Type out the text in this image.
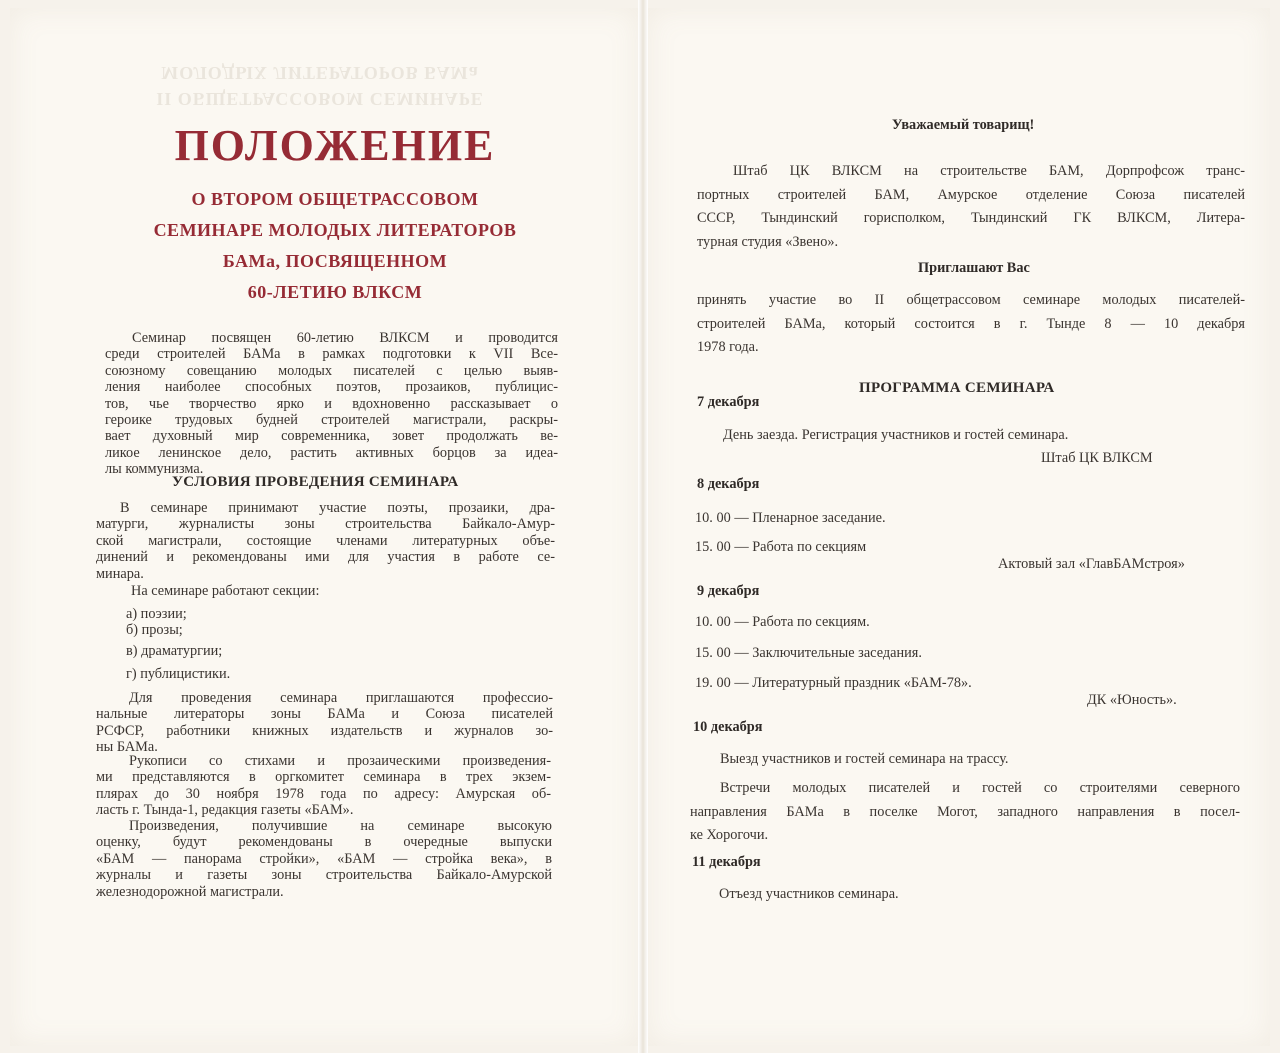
II ОБЩЕТРАССОВОМ СЕМИНАРЕ
МОЛОДЫХ ЛИТЕРАТОРОВ БАМа
ПОЛОЖЕНИЕ
О ВТОРОМ ОБЩЕТРАССОВОМ
СЕМИНАРЕ МОЛОДЫХ ЛИТЕРАТОРОВ
БАМа, ПОСВЯЩЕННОМ
60-ЛЕТИЮ ВЛКСМ
Семинар посвящен 60-летию ВЛКСМ и проводится
среди строителей БАМа в рамках подготовки к VII Все-
союзному совещанию молодых писателей с целью выяв-
ления наиболее способных поэтов, прозаиков, публицис-
тов, чье творчество ярко и вдохновенно рассказывает о
героике трудовых будней строителей магистрали, раскры-
вает духовный мир современника, зовет продолжать ве-
ликое ленинское дело, растить активных борцов за идеа-
лы коммунизма.
УСЛОВИЯ ПРОВЕДЕНИЯ СЕМИНАРА
В семинаре принимают участие поэты, прозаики, дра-
матурги, журналисты зоны строительства Байкало-Амур-
ской магистрали, состоящие членами литературных объе-
динений и рекомендованы ими для участия в работе се-
минара.
На семинаре работают секции:
а) поэзии;
б) прозы;
в) драматургии;
г) публицистики.
Для проведения семинара приглашаются профессио-
нальные литераторы зоны БАМа и Союза писателей
РСФСР, работники книжных издательств и журналов зо-
ны БАМа.
Рукописи со стихами и прозаическими произведения-
ми представляются в оргкомитет семинара в трех экзем-
плярах до 30 ноября 1978 года по адресу: Амурская об-
ласть г. Тында-1, редакция газеты «БАМ».
Произведения, получившие на семинаре высокую
оценку, будут рекомендованы в очередные выпуски
«БАМ — панорама стройки», «БАМ — стройка века», в
журналы и газеты зоны строительства Байкало-Амурской
железнодорожной магистрали.
Уважаемый товарищ!
Штаб ЦК ВЛКСМ на строительстве БАМ, Дорпрофсож транс-
портных строителей БАМ, Амурское отделение Союза писателей
СССР, Тындинский горисполком, Тындинский ГК ВЛКСМ, Литера-
турная студия «Звено».
Приглашают Вас
принять участие во II общетрассовом семинаре молодых писателей-
строителей БАМа, который состоится в г. Тынде 8 — 10 декабря
1978 года.
ПРОГРАММА СЕМИНАРА
7 декабря
День заезда. Регистрация участников и гостей семинара.
Штаб ЦК ВЛКСМ
8 декабря
10. 00 — Пленарное заседание.
15. 00 — Работа по секциям
Актовый зал «ГлавБАМстроя»
9 декабря
10. 00 — Работа по секциям.
15. 00 — Заключительные заседания.
19. 00 — Литературный праздник «БАМ-78».
ДК «Юность».
10 декабря
Выезд участников и гостей семинара на трассу.
Встречи молодых писателей и гостей со строителями северного
направления БАМа в поселке Могот, западного направления в посел-
ке Хорогочи.
11 декабря
Отъезд участников семинара.
